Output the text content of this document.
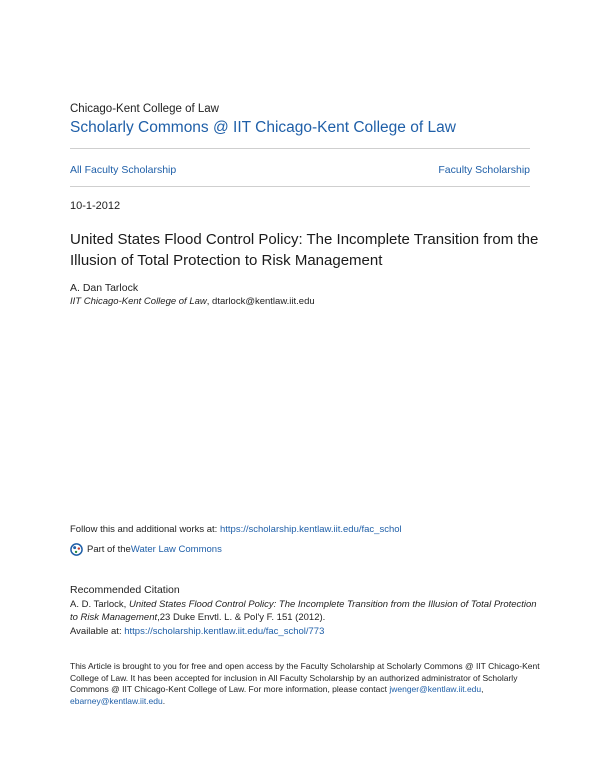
Chicago-Kent College of Law
Scholarly Commons @ IIT Chicago-Kent College of Law
All Faculty Scholarship	Faculty Scholarship
10-1-2012
United States Flood Control Policy: The Incomplete Transition from the Illusion of Total Protection to Risk Management
A. Dan Tarlock
IIT Chicago-Kent College of Law, dtarlock@kentlaw.iit.edu
Follow this and additional works at: https://scholarship.kentlaw.iit.edu/fac_schol
Part of the Water Law Commons
Recommended Citation
A. D. Tarlock, United States Flood Control Policy: The Incomplete Transition from the Illusion of Total Protection to Risk Management,23 Duke Envtl. L. & Pol'y F. 151 (2012).
Available at: https://scholarship.kentlaw.iit.edu/fac_schol/773
This Article is brought to you for free and open access by the Faculty Scholarship at Scholarly Commons @ IIT Chicago-Kent College of Law. It has been accepted for inclusion in All Faculty Scholarship by an authorized administrator of Scholarly Commons @ IIT Chicago-Kent College of Law. For more information, please contact jwenger@kentlaw.iit.edu, ebarney@kentlaw.iit.edu.
